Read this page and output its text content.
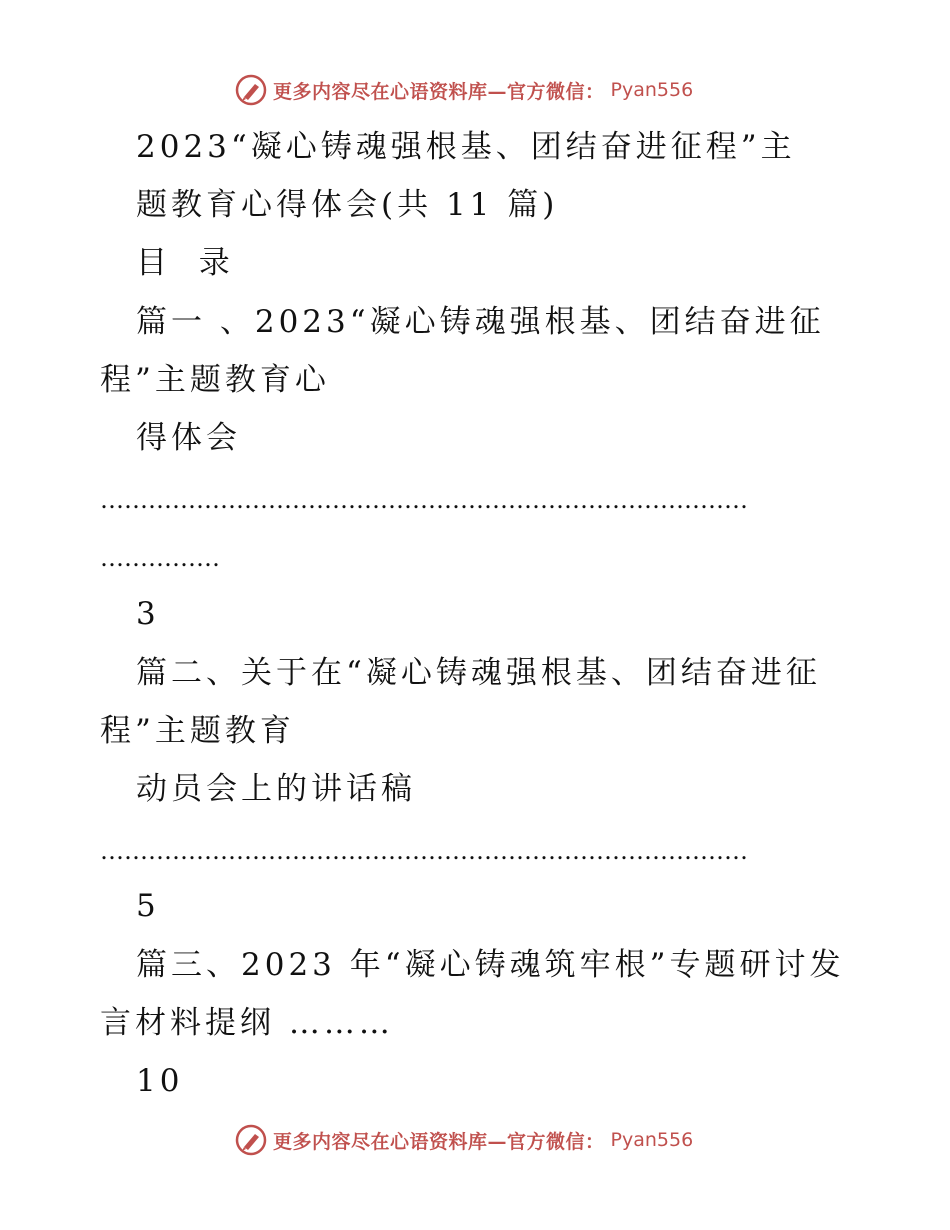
更多内容尽在心语资料库—官方微信： Pyan556
2023“凝心铸魂强根基、团结奋进征程”主
题教育心得体会(共 11 篇)
目  录
篇一 、2023“凝心铸魂强根基、团结奋进征
程”主题教育心
得体会
………………………………………………………………………
……………
3
篇二、关于在“凝心铸魂强根基、团结奋进征
程”主题教育
动员会上的讲话稿
………………………………………………………………………
5
篇三、2023 年“凝心铸魂筑牢根”专题研讨发
言材料提纲 ………
10
更多内容尽在心语资料库—官方微信： Pyan556
